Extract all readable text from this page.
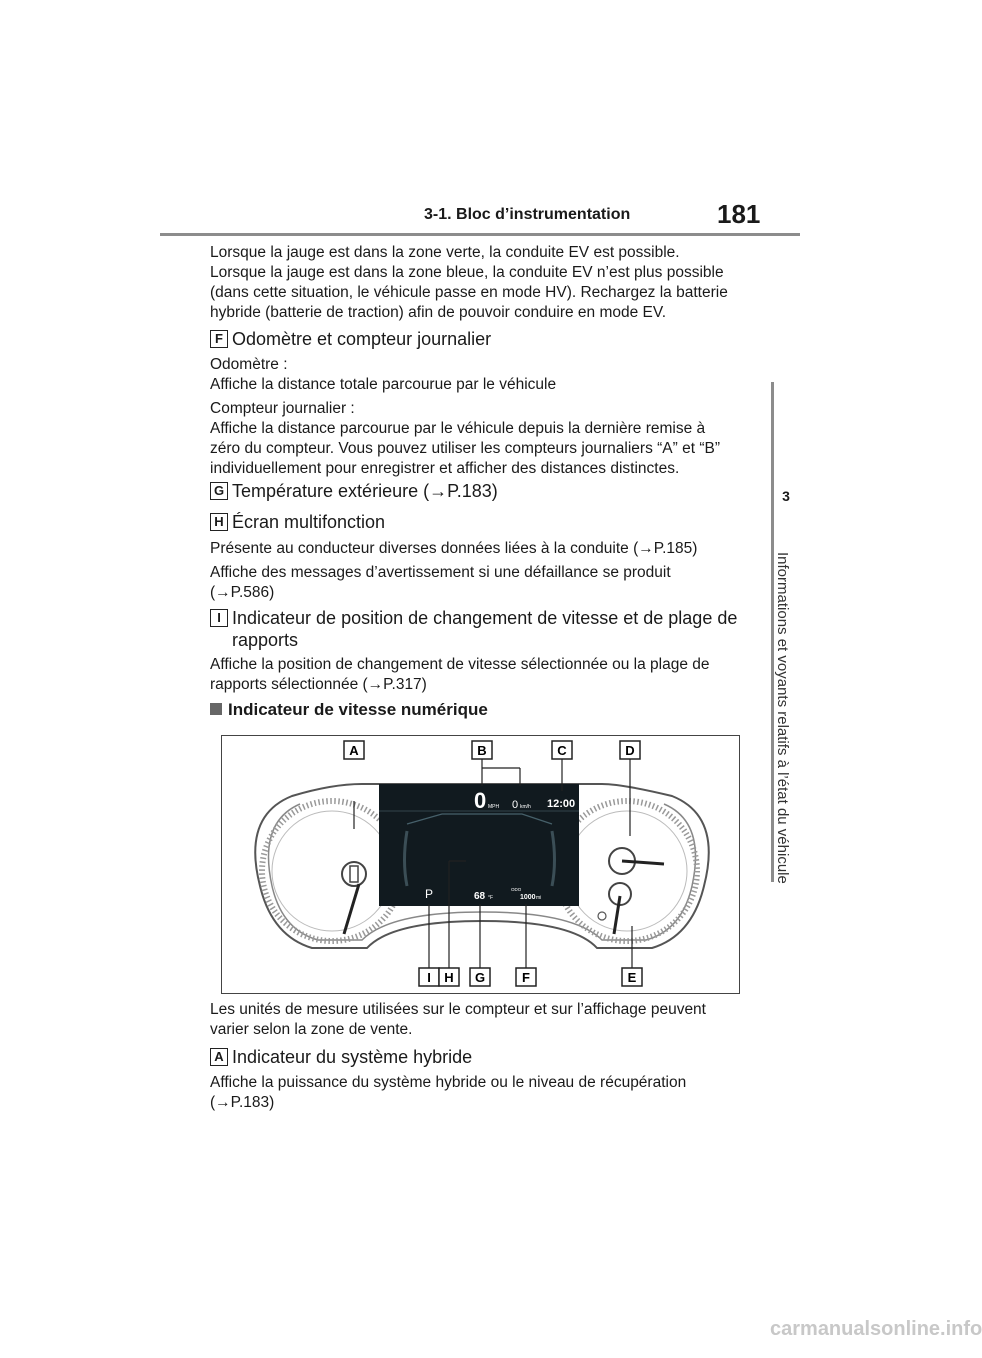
3-1. Bloc d’instrumentation	181
3
Informations et voyants relatifs à l’état du véhicule
Lorsque la jauge est dans la zone verte, la conduite EV est possible.
Lorsque la jauge est dans la zone bleue, la conduite EV n’est plus possible
(dans cette situation, le véhicule passe en mode HV). Rechargez la batterie
hybride (batterie de traction) afin de pouvoir conduire en mode EV.
F Odomètre et compteur journalier
Odomètre :
Affiche la distance totale parcourue par le véhicule
Compteur journalier :
Affiche la distance parcourue par le véhicule depuis la dernière remise à
zéro du compteur. Vous pouvez utiliser les compteurs journaliers “A” et “B”
individuellement pour enregistrer et afficher des distances distinctes.
G Température extérieure (→P.183)
H Écran multifonction
Présente au conducteur diverses données liées à la conduite (→P.185)
Affiche des messages d’avertissement si une défaillance se produit
(→P.586)
I Indicateur de position de changement de vitesse et de plage de
rapports
Affiche la position de changement de vitesse sélectionnée ou la plage de
rapports sélectionnée (→P.317)
Indicateur de vitesse numérique
0 MPH 0 km/h 12:00
P	68 °F
ODO
1000 mi
A	B	C	D
I H G	F	E
Les unités de mesure utilisées sur le compteur et sur l’affichage peuvent
varier selon la zone de vente.
A Indicateur du système hybride
Affiche la puissance du système hybride ou le niveau de récupération
(→P.183)
carmanualsonline.info
